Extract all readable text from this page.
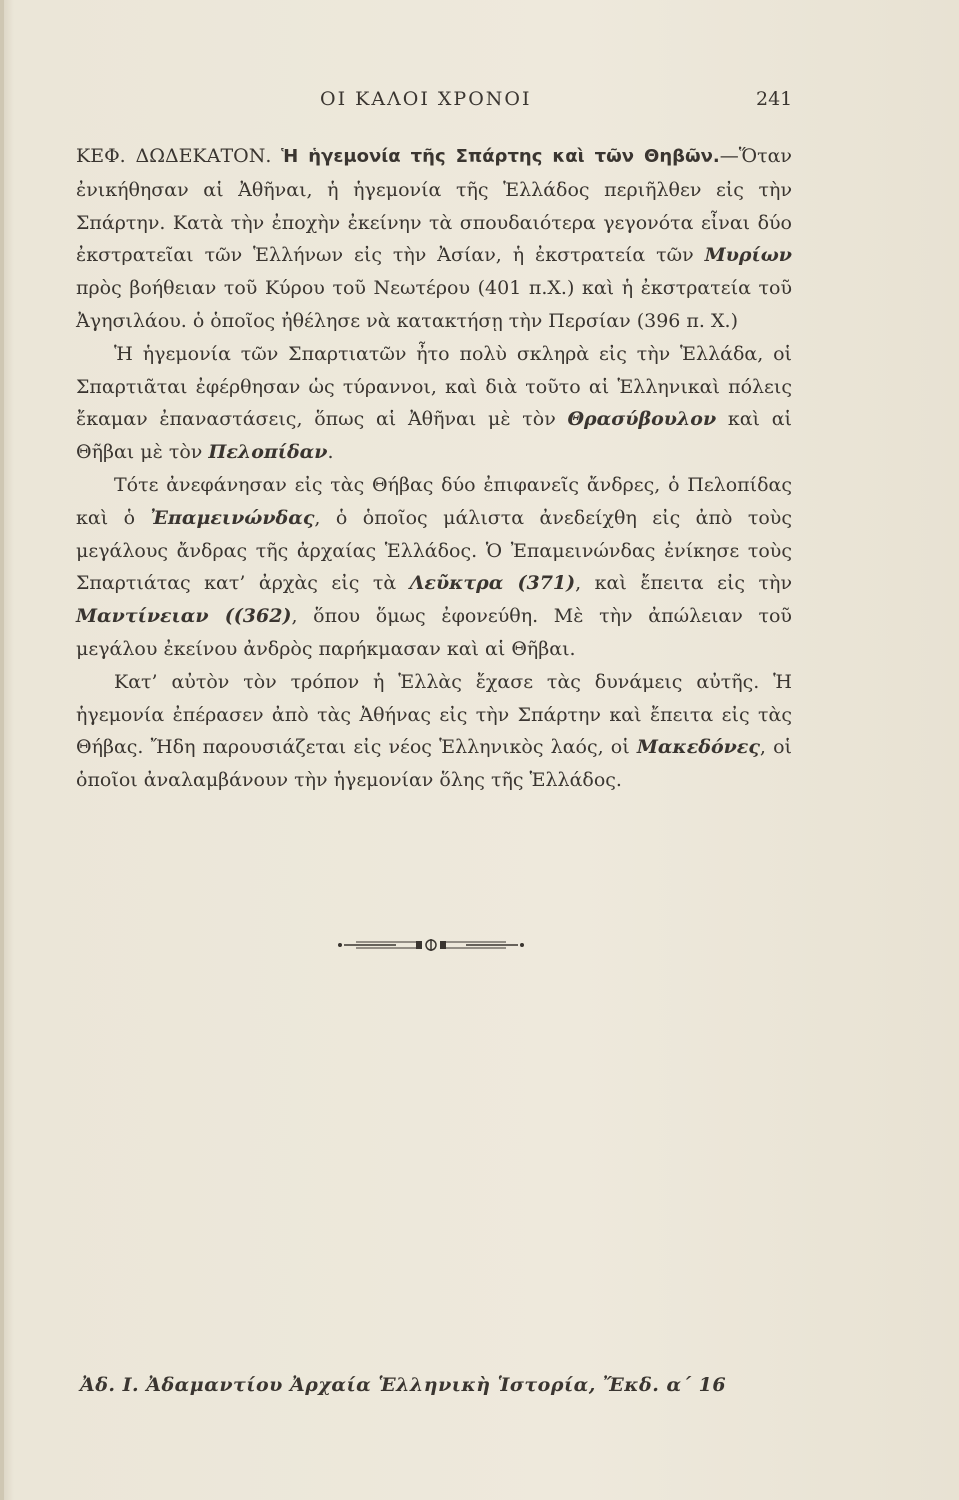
ΟΙ ΚΑΛΟΙ ΧΡΟΝΟΙ	241

ΚΕΦ. ΔΩΔΕΚΑΤΟΝ. Ἡ ἡγεμονία τῆς Σπάρτης καὶ τῶν Θηβῶν.—Ὅταν ἐνικήθησαν αἱ Ἀθῆναι, ἡ ἡγεμονία τῆς Ἑλλάδος περιῆλθεν εἰς τὴν Σπάρτην. Κατὰ τὴν ἐποχὴν ἐκείνην τὰ σπουδαιότερα γεγονότα εἶναι δύο ἐκστρατεῖαι τῶν Ἑλλήνων εἰς τὴν Ἀσίαν, ἡ ἐκστρατεία τῶν Μυρίων πρὸς βοήθειαν τοῦ Κύρου τοῦ Νεωτέρου (401 π.Χ.) καὶ ἡ ἐκστρατεία τοῦ Ἀγησιλάου. ὁ ὁποῖος ἠθέλησε νὰ κατακτήσῃ τὴν Περσίαν (396 π. Χ.)

Ἡ ἡγεμονία τῶν Σπαρτιατῶν ἦτο πολὺ σκληρὰ εἰς τὴν Ἑλλάδα, οἱ Σπαρτιᾶται ἐφέρθησαν ὡς τύραννοι, καὶ διὰ τοῦτο αἱ Ἑλληνικαὶ πόλεις ἔκαμαν ἐπαναστάσεις, ὅπως αἱ Ἀθῆναι μὲ τὸν Θρασύβουλον καὶ αἱ Θῆβαι μὲ τὸν Πελοπίδαν.

Τότε ἀνεφάνησαν εἰς τὰς Θήβας δύο ἐπιφανεῖς ἄνδρες, ὁ Πελοπίδας καὶ ὁ Ἐπαμεινώνδας, ὁ ὁποῖος μάλιστα ἀνεδείχθη εἰς ἀπὸ τοὺς μεγάλους ἄνδρας τῆς ἀρχαίας Ἑλλάδος. Ὁ Ἐπαμεινώνδας ἐνίκησε τοὺς Σπαρτιάτας κατ’ ἀρχὰς εἰς τὰ Λεῦκτρα (371), καὶ ἔπειτα εἰς τὴν Μαντίνειαν ((362), ὅπου ὅμως ἐφονεύθη. Μὲ τὴν ἀπώλειαν τοῦ μεγάλου ἐκείνου ἀνδρὸς παρήκμασαν καὶ αἱ Θῆβαι.

Κατ’ αὐτὸν τὸν τρόπον ἡ Ἑλλὰς ἔχασε τὰς δυνάμεις αὐτῆς. Ἡ ἡγεμονία ἐπέρασεν ἀπὸ τὰς Ἀθήνας εἰς τὴν Σπάρτην καὶ ἔπειτα εἰς τὰς Θήβας. Ἤδη παρουσιάζεται εἰς νέος Ἑλληνικὸς λαός, οἱ Μακεδόνες, οἱ ὁποῖοι ἀναλαμβάνουν τὴν ἡγεμονίαν ὅλης τῆς Ἑλλάδος.

Ἀδ. Ι. Ἀδαμαντίου Ἀρχαία Ἑλληνικὴ Ἱστορία, Ἔκδ. α΄ 16
